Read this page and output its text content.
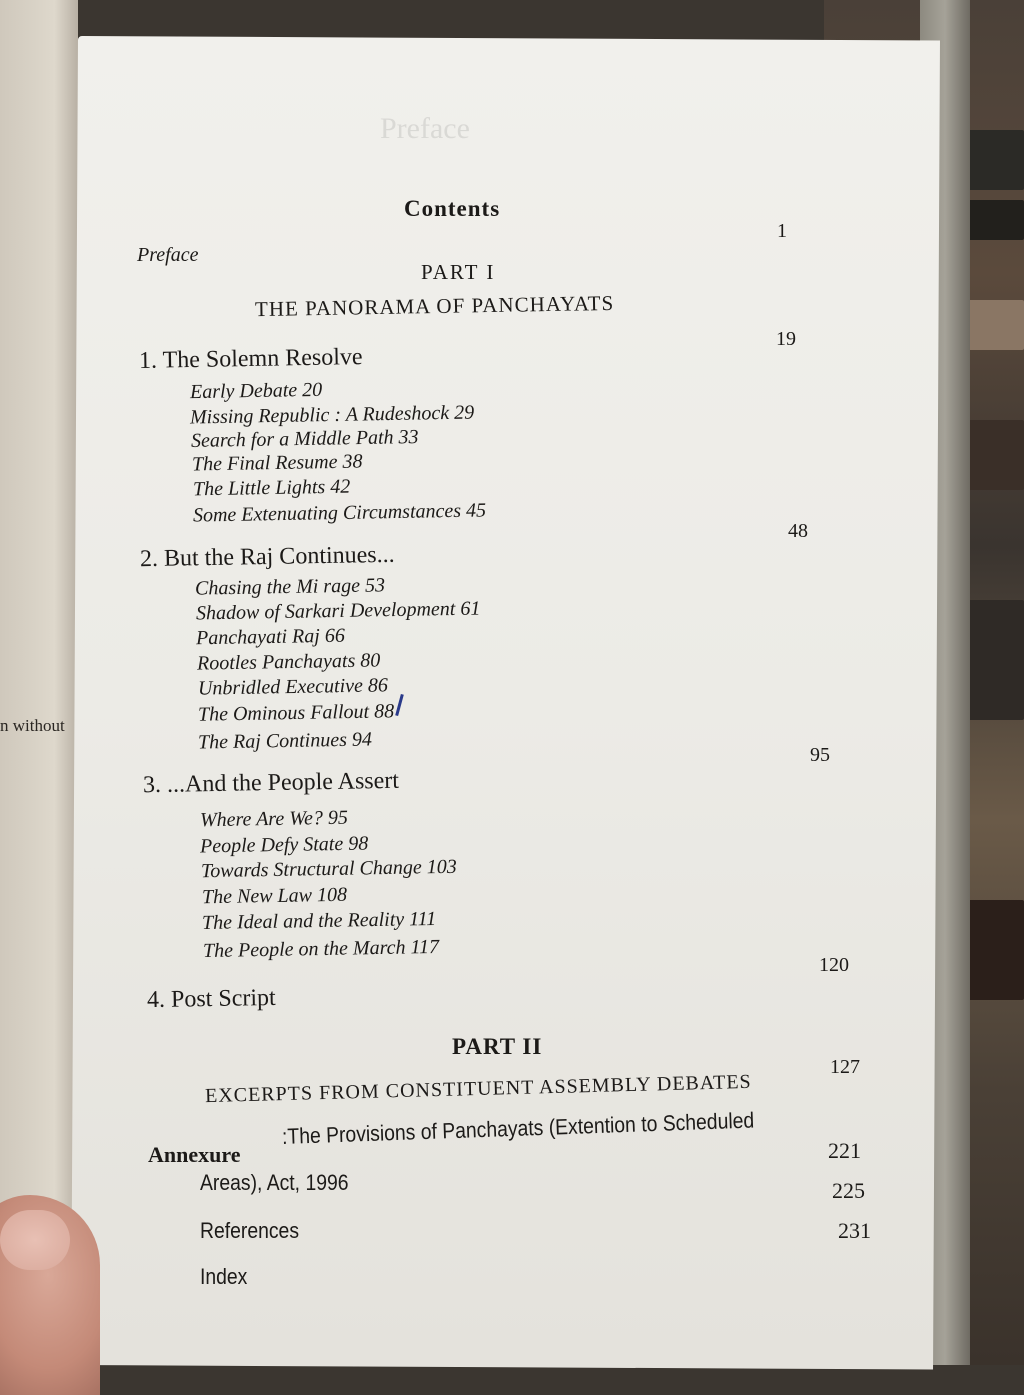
n without
Preface
Contents
Preface
1
PART I
THE PANORAMA OF PANCHAYATS
1. The Solemn Resolve
19
Early Debate 20
Missing Republic : A Rudeshock 29
Search for a Middle Path 33
The Final Resume 38
The Little Lights 42
Some Extenuating Circumstances 45
48
2. But the Raj Continues...
Chasing the Mi rage 53
Shadow of Sarkari Development 61
Panchayati Raj 66
Rootles Panchayats 80
Unbridled Executive 86
The Ominous Fallout 88
The Raj Continues 94
95
3. ...And the People Assert
Where Are We? 95
People Defy State 98
Towards Structural Change 103
The New Law 108
The Ideal and the Reality 111
The People on the March 117
120
4. Post Script
PART II
127
EXCERPTS FROM CONSTITUENT ASSEMBLY DEBATES
Annexure
:The Provisions of Panchayats (Extention to Scheduled
Areas), Act, 1996
221
References
225
Index
231
